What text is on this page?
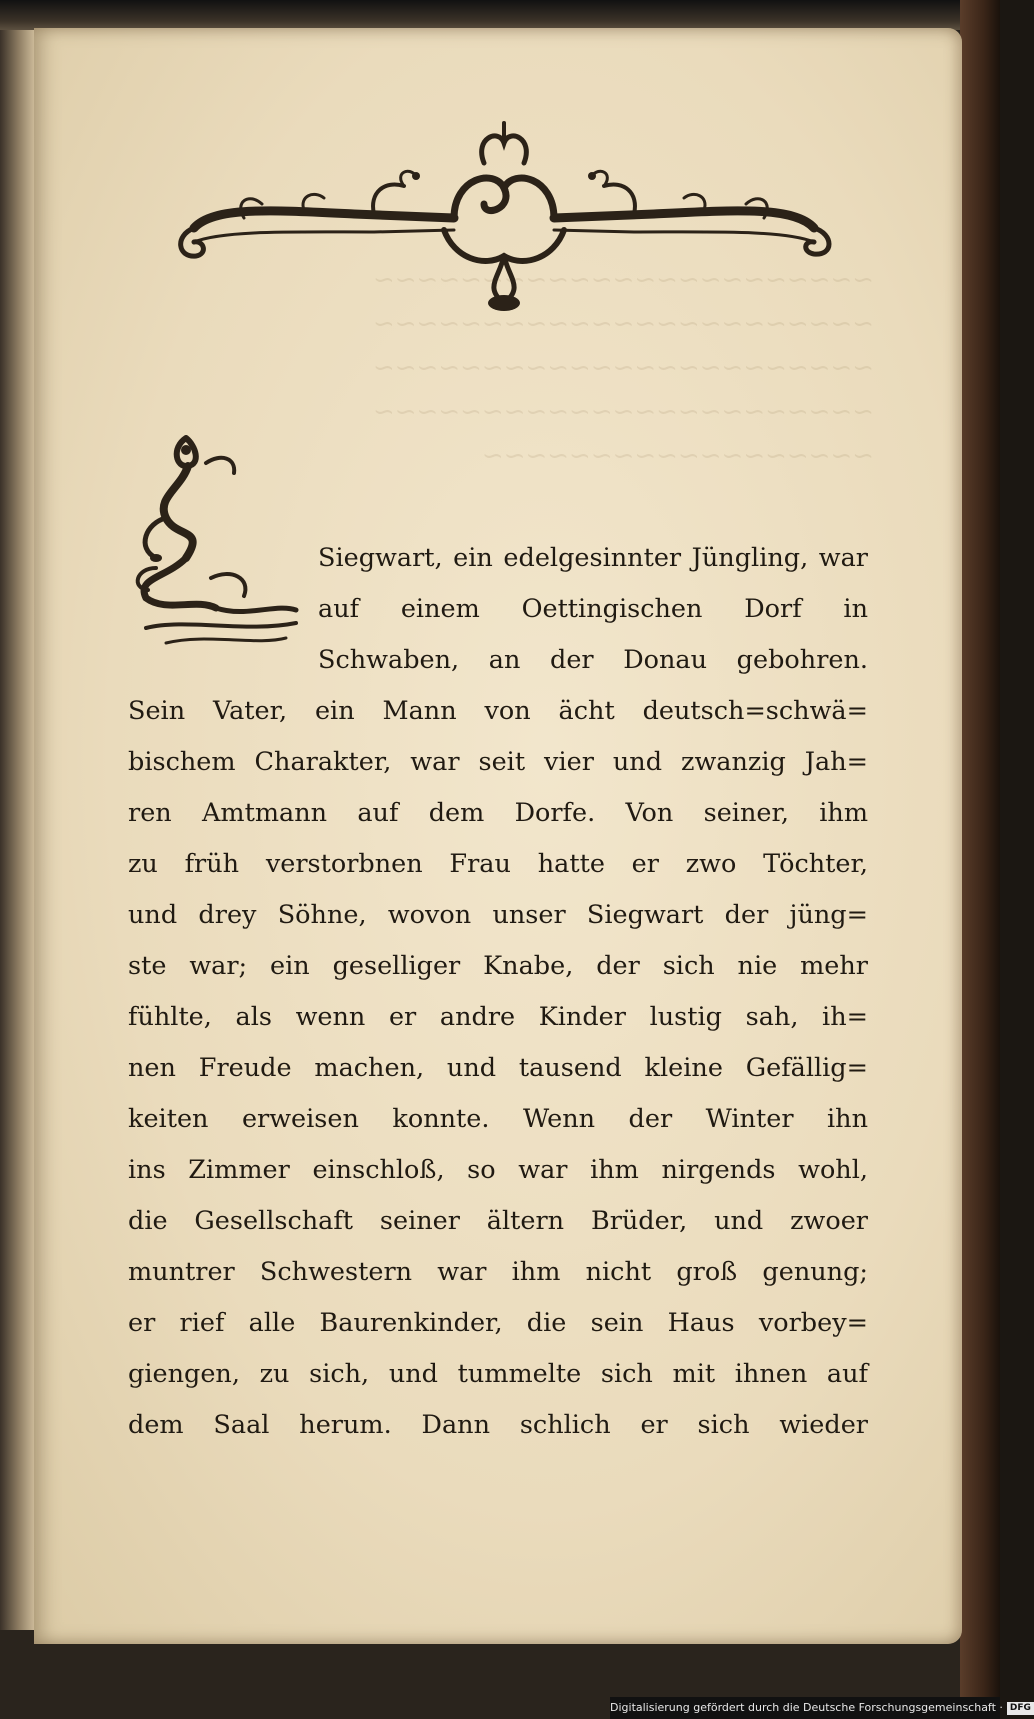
~~~~~~~~~~~~~~~~~~~~~~~
~~~~~~~~~~~~~~~~~~~~~~~
~~~~~~~~~~~~~~~~~~~~~~~
~~~~~~~~~~~~~~~~~~~~~~~
~~~~~~~~~~~~~~~~~~
Siegwart, ein edelgesinnter Jüngling, war
auf einem Oettingischen Dorf in
Schwaben, an der Donau gebohren.
Sein Vater, ein Mann von ächt deutsch=schwä=
bischem Charakter, war seit vier und zwanzig Jah=
ren Amtmann auf dem Dorfe. Von seiner, ihm
zu früh verstorbnen Frau hatte er zwo Töchter,
und drey Söhne, wovon unser Siegwart der jüng=
ste war; ein geselliger Knabe, der sich nie mehr
fühlte, als wenn er andre Kinder lustig sah, ih=
nen Freude machen, und tausend kleine Gefällig=
keiten erweisen konnte. Wenn der Winter ihn
ins Zimmer einschloß, so war ihm nirgends wohl,
die Gesellschaft seiner ältern Brüder, und zwoer
muntrer Schwestern war ihm nicht groß genung;
er rief alle Baurenkinder, die sein Haus vorbey=
giengen, zu sich, und tummelte sich mit ihnen auf
dem Saal herum. Dann schlich er sich wieder
Digitalisierung gefördert durch die Deutsche Forschungsgemeinschaft · DFG
